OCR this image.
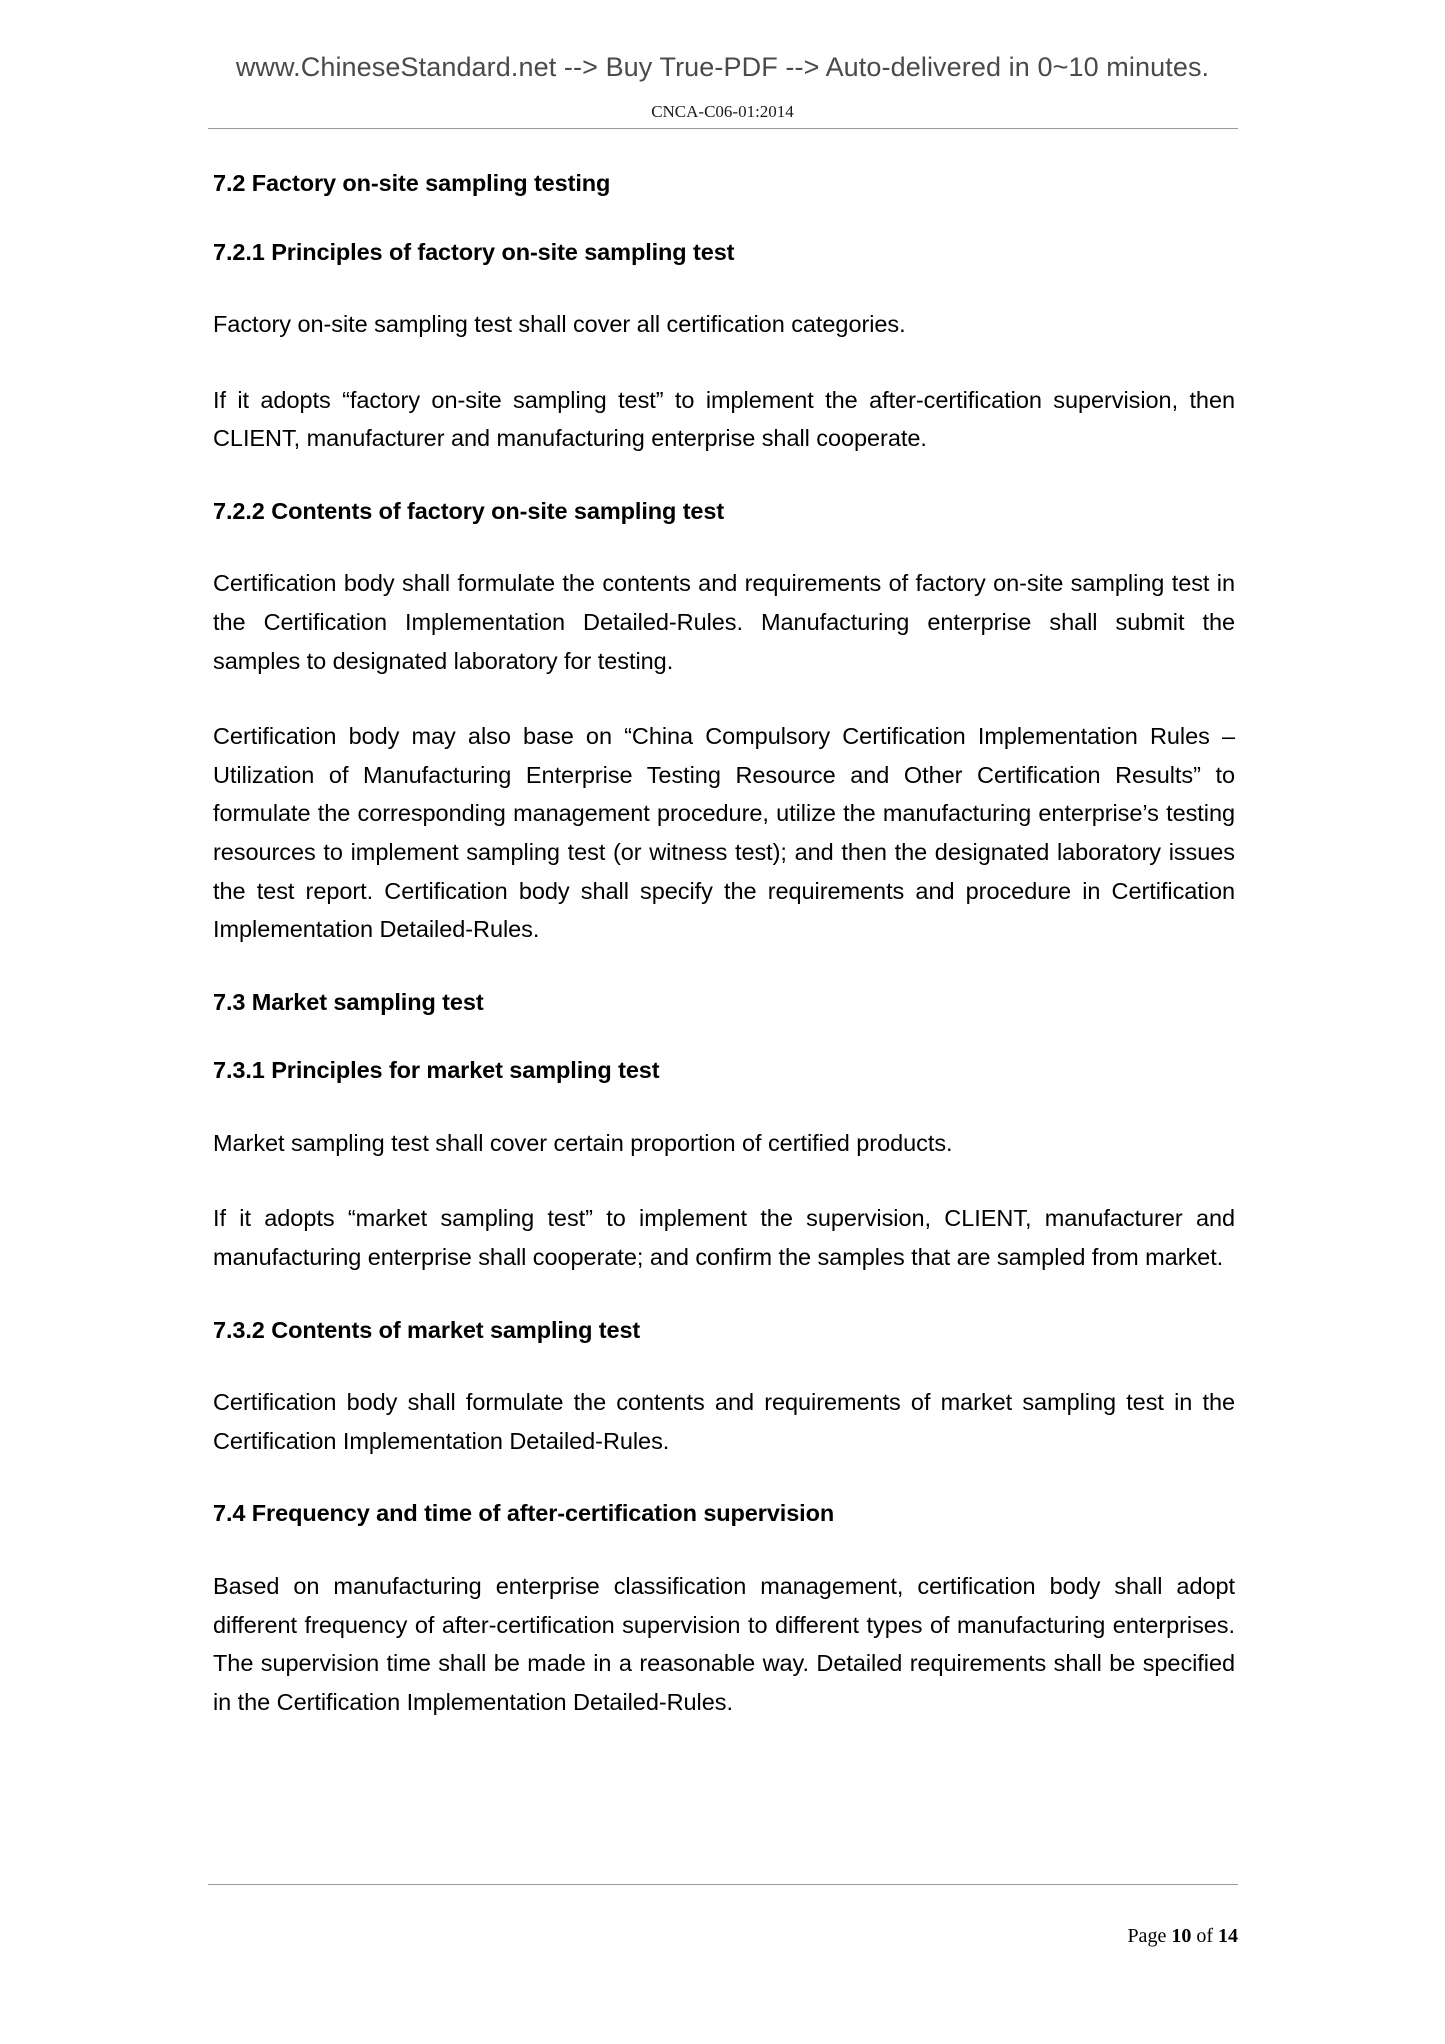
www.ChineseStandard.net --> Buy True-PDF --> Auto-delivered in 0~10 minutes.
CNCA-C06-01:2014
7.2 Factory on-site sampling testing
7.2.1 Principles of factory on-site sampling test

Factory on-site sampling test shall cover all certification categories.

If it adopts “factory on-site sampling test” to implement the after-certification supervision, then CLIENT, manufacturer and manufacturing enterprise shall cooperate.

7.2.2 Contents of factory on-site sampling test

Certification body shall formulate the contents and requirements of factory on-site sampling test in the Certification Implementation Detailed-Rules. Manufacturing enterprise shall submit the samples to designated laboratory for testing.

Certification body may also base on “China Compulsory Certification Implementation Rules – Utilization of Manufacturing Enterprise Testing Resource and Other Certification Results” to formulate the corresponding management procedure, utilize the manufacturing enterprise’s testing resources to implement sampling test (or witness test); and then the designated laboratory issues the test report. Certification body shall specify the requirements and procedure in Certification Implementation Detailed-Rules.

7.3 Market sampling test
7.3.1 Principles for market sampling test

Market sampling test shall cover certain proportion of certified products.

If it adopts “market sampling test” to implement the supervision, CLIENT, manufacturer and manufacturing enterprise shall cooperate; and confirm the samples that are sampled from market.

7.3.2 Contents of market sampling test

Certification body shall formulate the contents and requirements of market sampling test in the Certification Implementation Detailed-Rules.

7.4 Frequency and time of after-certification supervision

Based on manufacturing enterprise classification management, certification body shall adopt different frequency of after-certification supervision to different types of manufacturing enterprises. The supervision time shall be made in a reasonable way. Detailed requirements shall be specified in the Certification Implementation Detailed-Rules.

Page 10 of 14
